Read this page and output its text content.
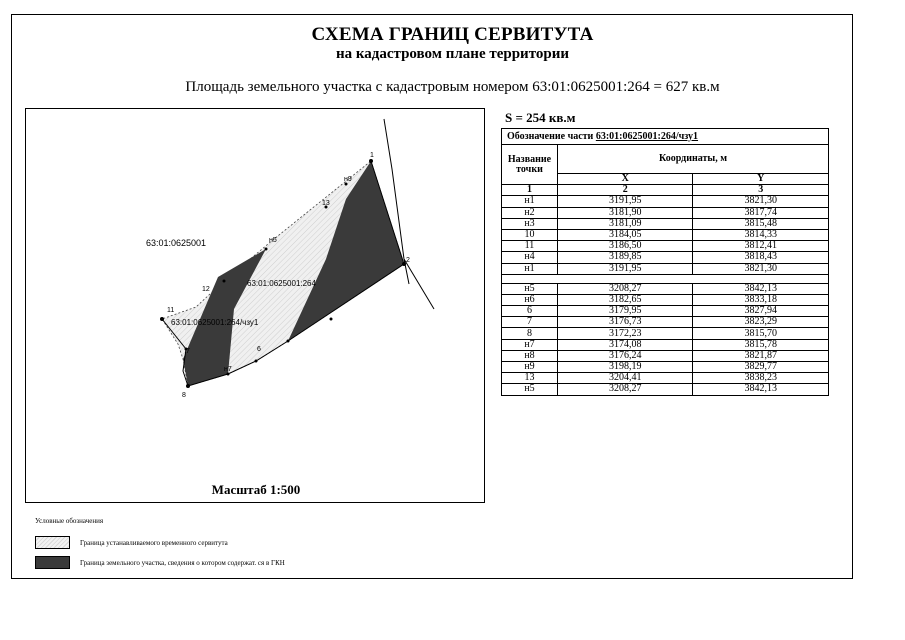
СХЕМА ГРАНИЦ СЕРВИТУТА
на кадастровом плане территории
Площадь земельного участка с кадастровым номером 63:01:0625001:264 = 627 кв.м
1
2
н9
13
н5
12
11
7
8
6
н7
63:01:0625001
63:01:0625001:264
63:01:0625001:264/чзу1
Масштаб 1:500
S = 254 кв.м
Обозначение части 63:01:0625001:264/чзу1		
Название точки	Координаты, м	
	X	Y
1	2	3
н1	3191,95	3821,30
н2	3181,90	3817,74
н3	3181,09	3815,48
10	3184,05	3814,33
11	3186,50	3812,41
н4	3189,85	3818,43
н1	3191,95	3821,30

н5	3208,27	3842,13
н6	3182,65	3833,18
6	3179,95	3827,94
7	3176,73	3823,29
8	3172,23	3815,70
н7	3174,08	3815,78
н8	3176,24	3821,87
н9	3198,19	3829,77
13	3204,41	3838,23
н5	3208,27	3842,13
Условные обозначения
Граница устанавливаемого временного сервитута
Граница земельного участка, сведения о котором содержат. ся в ГКН
